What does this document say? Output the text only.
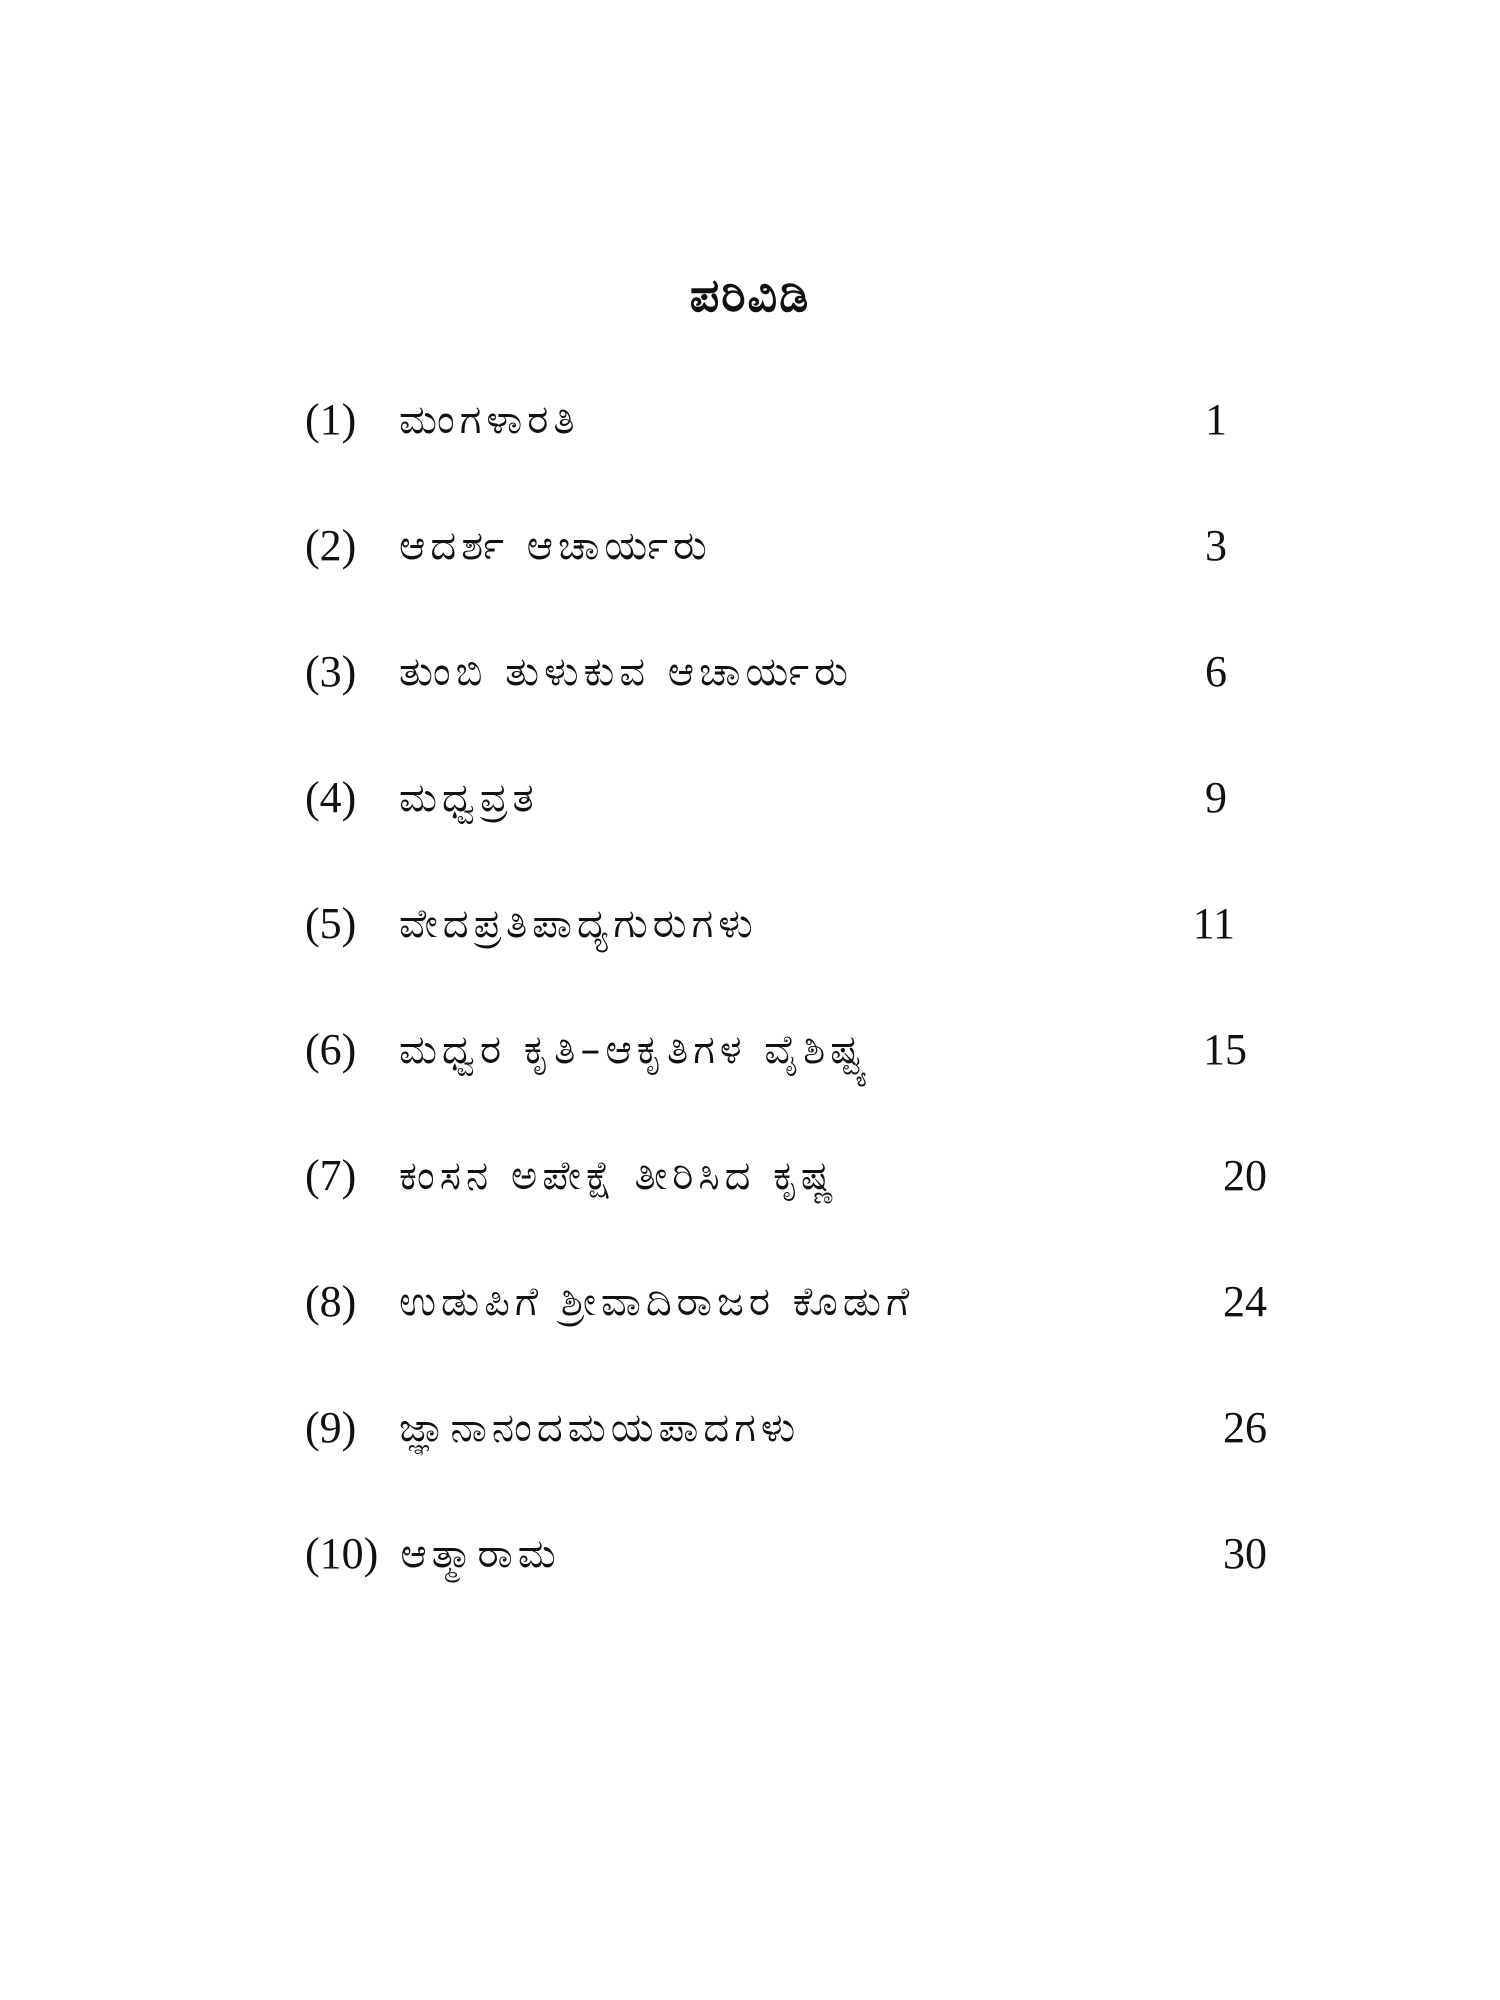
ಪರಿವಿಡಿ
(1)	ಮಂಗಳಾರತಿ	1
(2)	ಆದರ್ಶ ಆಚಾರ್ಯರು	3
(3)	ತುಂಬಿ ತುಳುಕುವ ಆಚಾರ್ಯರು	6
(4)	ಮಧ್ವವ್ರತ	9
(5)	ವೇದಪ್ರತಿಪಾದ್ಯಗುರುಗಳು	11
(6)	ಮಧ್ವರ ಕೃತಿ–ಆಕೃತಿಗಳ ವೈಶಿಷ್ಟ್ಯ	15
(7)	ಕಂಸನ ಅಪೇಕ್ಷೆ ತೀರಿಸಿದ ಕೃಷ್ಣ	20
(8)	ಉಡುಪಿಗೆ ಶ್ರೀವಾದಿರಾಜರ ಕೊಡುಗೆ	24
(9)	ಜ್ಞಾನಾನಂದಮಯಪಾದಗಳು	26
(10) ಆತ್ಮಾರಾಮ	30
